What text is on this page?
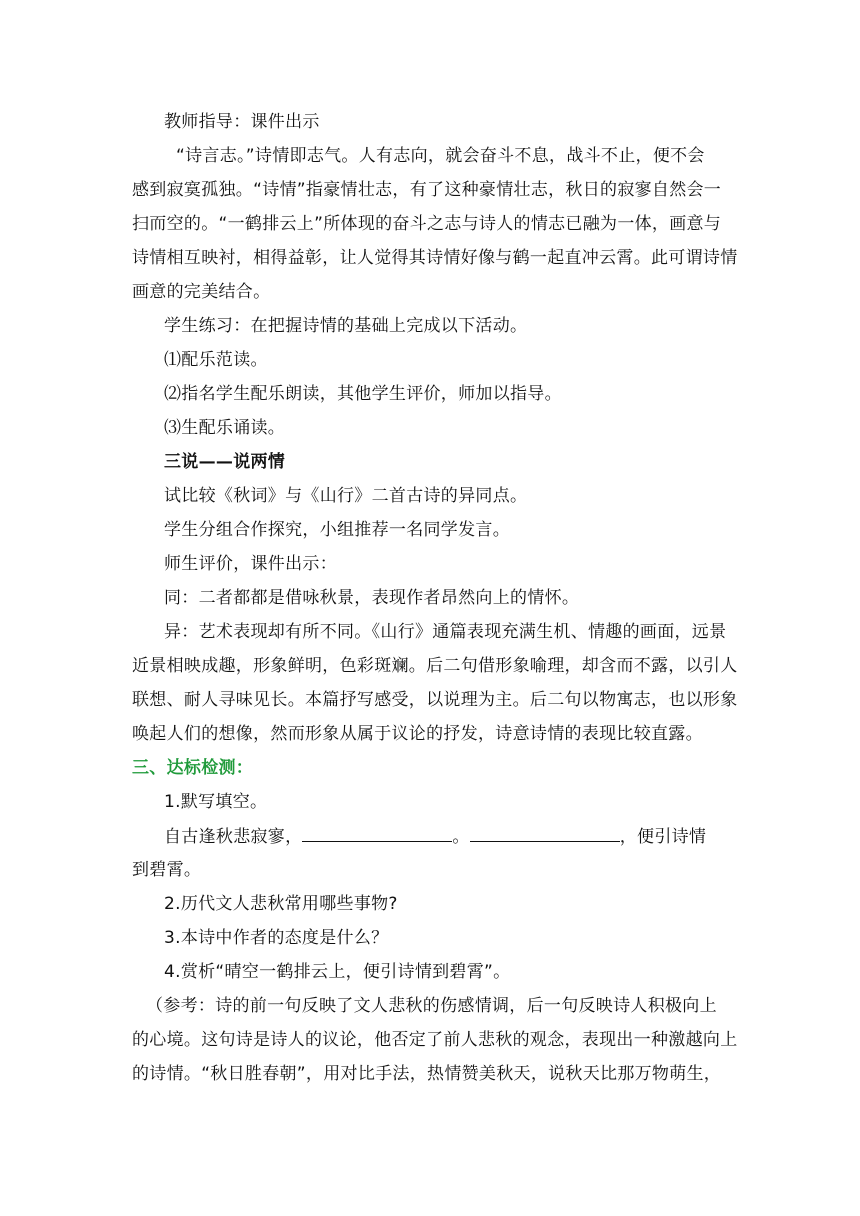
教师指导：课件出示
“诗言志。”诗情即志气。人有志向，就会奋斗不息，战斗不止，便不会
感到寂寞孤独。“诗情”指豪情壮志，有了这种豪情壮志，秋日的寂寥自然会一
扫而空的。“一鹤排云上”所体现的奋斗之志与诗人的情志已融为一体，画意与
诗情相互映衬，相得益彰，让人觉得其诗情好像与鹤一起直冲云霄。此可谓诗情
画意的完美结合。
学生练习：在把握诗情的基础上完成以下活动。
⑴配乐范读。
⑵指名学生配乐朗读，其他学生评价，师加以指导。
⑶生配乐诵读。
三说——说两情
试比较《秋词》与《山行》二首古诗的异同点。
学生分组合作探究，小组推荐一名同学发言。
师生评价，课件出示：
同：二者都都是借咏秋景，表现作者昂然向上的情怀。
异：艺术表现却有所不同。《山行》通篇表现充满生机、情趣的画面，远景
近景相映成趣，形象鲜明，色彩斑斓。后二句借形象喻理，却含而不露，以引人
联想、耐人寻味见长。本篇抒写感受，以说理为主。后二句以物寓志，也以形象
唤起人们的想像，然而形象从属于议论的抒发，诗意诗情的表现比较直露。
三、达标检测：
1.默写填空。
自古逢秋悲寂寥，	。	，便引诗情
到碧霄。
2.历代文人悲秋常用哪些事物?
3.本诗中作者的态度是什么？
4.赏析“晴空一鹤排云上，便引诗情到碧霄”。
（参考：诗的前一句反映了文人悲秋的伤感情调，后一句反映诗人积极向上
的心境。这句诗是诗人的议论，他否定了前人悲秋的观念，表现出一种激越向上
的诗情。“秋日胜春朝”，用对比手法，热情赞美秋天，说秋天比那万物萌生，
